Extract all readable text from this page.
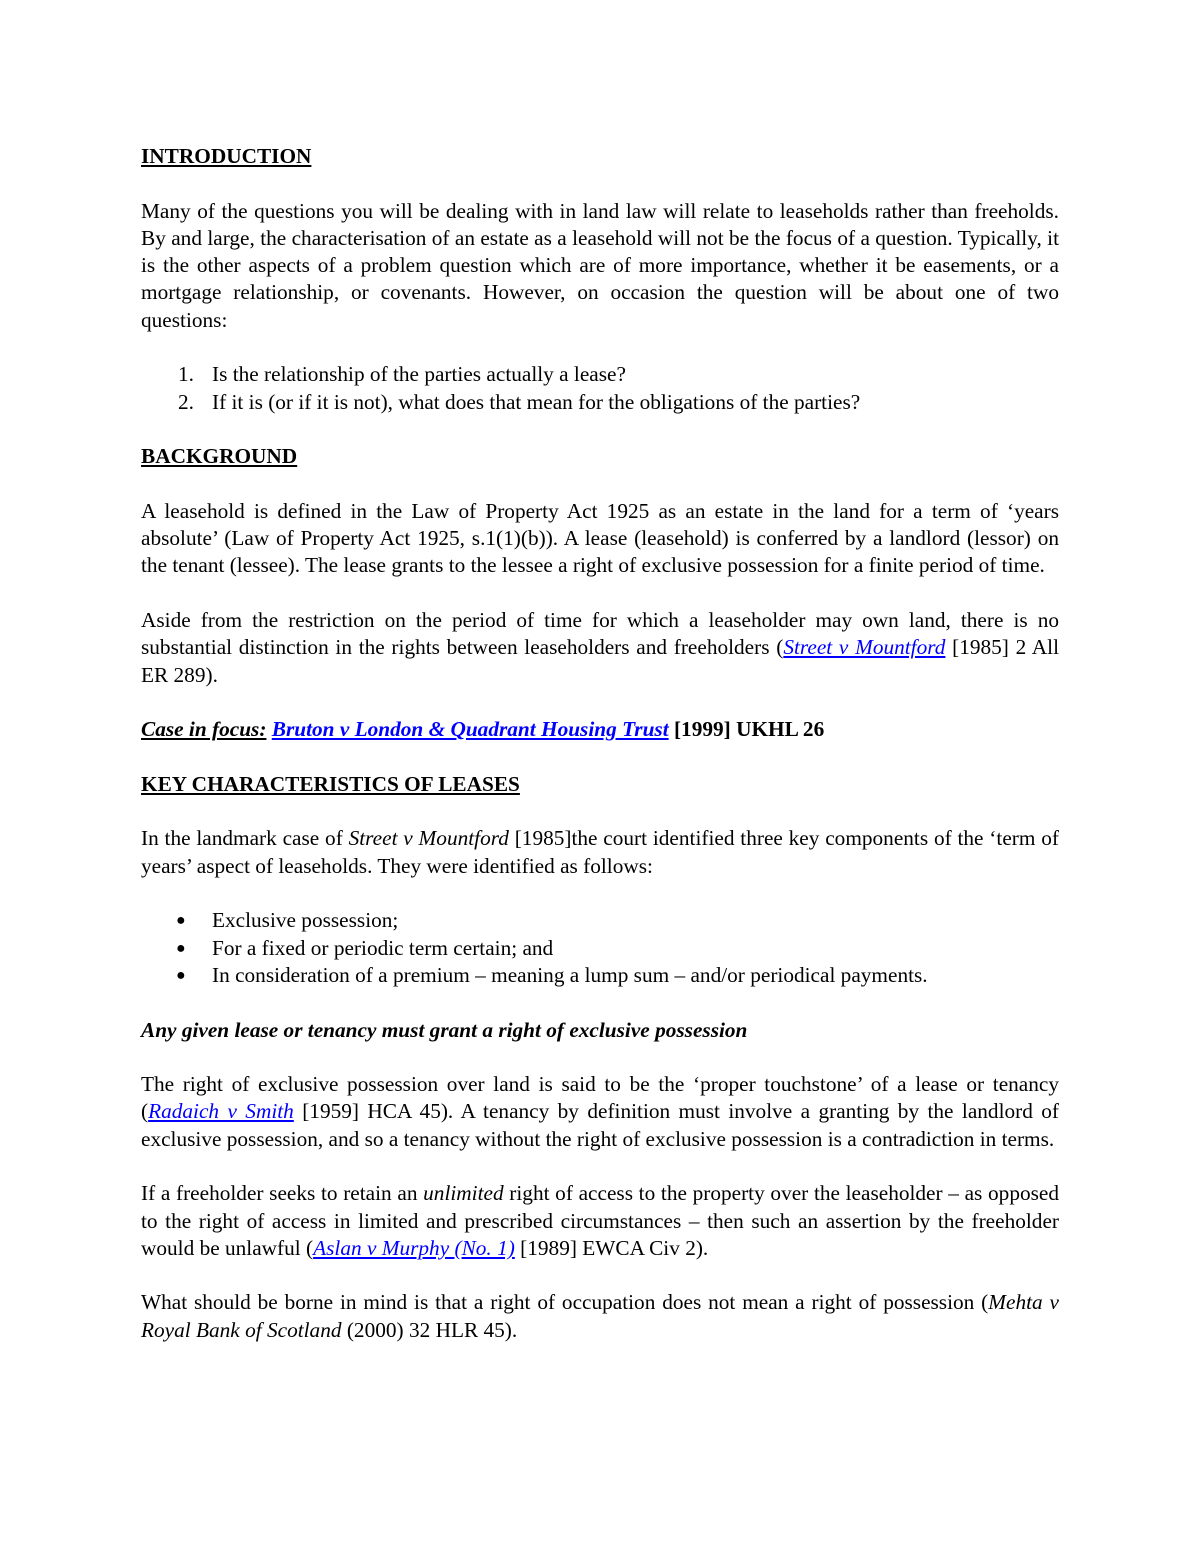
INTRODUCTION

Many of the questions you will be dealing with in land law will relate to leaseholds rather than freeholds. By and large, the characterisation of an estate as a leasehold will not be the focus of a question. Typically, it is the other aspects of a problem question which are of more importance, whether it be easements, or a mortgage relationship, or covenants. However, on occasion the question will be about one of two questions:

1. Is the relationship of the parties actually a lease?
2. If it is (or if it is not), what does that mean for the obligations of the parties?
BACKGROUND

A leasehold is defined in the Law of Property Act 1925 as an estate in the land for a term of ‘years absolute’ (Law of Property Act 1925, s.1(1)(b)). A lease (leasehold) is conferred by a landlord (lessor) on the tenant (lessee). The lease grants to the lessee a right of exclusive possession for a finite period of time.

Aside from the restriction on the period of time for which a leaseholder may own land, there is no substantial distinction in the rights between leaseholders and freeholders (Street v Mountford [1985] 2 All ER 289).

Case in focus: Bruton v London & Quadrant Housing Trust [1999] UKHL 26

KEY CHARACTERISTICS OF LEASES

In the landmark case of Street v Mountford [1985]the court identified three key components of the ‘term of years’ aspect of leaseholds. They were identified as follows:

● Exclusive possession;
● For a fixed or periodic term certain; and
● In consideration of a premium – meaning a lump sum – and/or periodical payments.

Any given lease or tenancy must grant a right of exclusive possession

The right of exclusive possession over land is said to be the ‘proper touchstone’ of a lease or tenancy (Radaich v Smith [1959] HCA 45). A tenancy by definition must involve a granting by the landlord of exclusive possession, and so a tenancy without the right of exclusive possession is a contradiction in terms.

If a freeholder seeks to retain an unlimited right of access to the property over the leaseholder – as opposed to the right of access in limited and prescribed circumstances – then such an assertion by the freeholder would be unlawful (Aslan v Murphy (No. 1) [1989] EWCA Civ 2).

What should be borne in mind is that a right of occupation does not mean a right of possession (Mehta v Royal Bank of Scotland (2000) 32 HLR 45).
